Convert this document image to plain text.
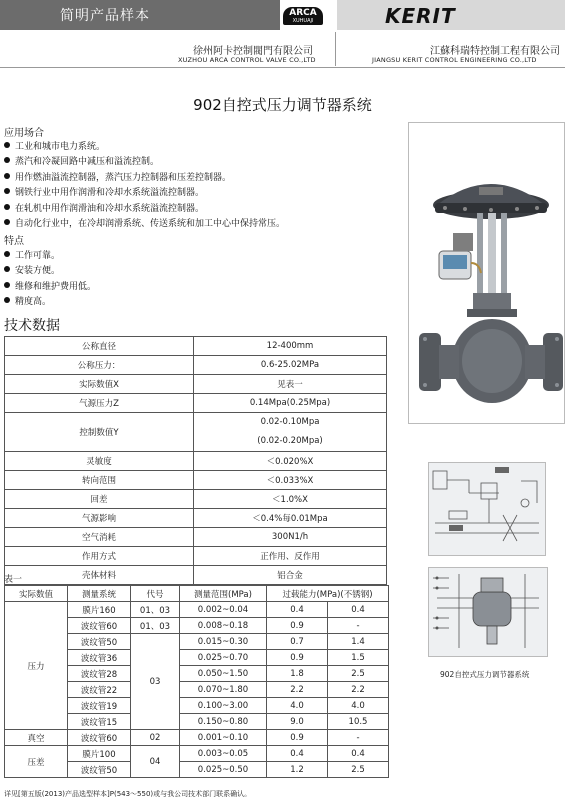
简明产品样本	ARCA
XUHUAJI	KERIT
徐州阿卡控制閥門有限公司
XUZHOU ARCA CONTROL VALVE CO.,LTD
江蘇科瑞特控制工程有限公司
JIANGSU KERIT CONTROL ENGINEERING CO.,LTD
902自控式压力调节器系统
应用场合
工业和城市电力系统。
蒸汽和冷凝回路中减压和溢流控制。
用作燃油溢流控制器，蒸汽压力控制器和压差控制器。
钢铁行业中用作润滑和冷却水系统溢流控制器。
在轧机中用作润滑油和冷却水系统溢流控制器。
自动化行业中，在冷却润滑系统、传送系统和加工中心中保持常压。
特点
工作可靠。
安装方便。
维修和维护费用低。
精度高。
技术数据
公称直径	12-400mm
公称压力：	0.6-25.02MPa
实际数值X	见表一
气源压力Z	0.14Mpa(0.25Mpa)
控制数值Y	0.02-0.10Mpa
(0.02-0.20Mpa)

灵敏度	＜0.020%X
转向范围	＜0.033%X
回差	＜1.0%X
气源影响	＜0.4%每0.01Mpa
空气消耗	300N1/h
作用方式	正作用、反作用
壳体材料	铝合金
表一
实际数值	测量系统	代号	测量范围(MPa)	过载能力(MPa)(不锈钢)	
压力	膜片160	01、03	0.002~0.04	0.4	0.4
	波纹管60	01、03	0.008~0.18	0.9	-
	波纹管50	03	0.015~0.30	0.7	1.4
	波纹管36		0.025~0.70	0.9	1.5
	波纹管28		0.050~1.50	1.8	2.5
	波纹管22		0.070~1.80	2.2	2.2
	波纹管19		0.100~3.00	4.0	4.0
	波纹管15		0.150~0.80	9.0	10.5
真空	波纹管60	02	0.001~0.10	0.9	-
压差	膜片100	04	0.003~0.05	0.4	0.4
	波纹管50		0.025~0.50	1.2	2.5
902自控式压力调节器系统
详见[第五版(2013)产品选型样本]P(543～550)或与我公司技术部门联系确认。
